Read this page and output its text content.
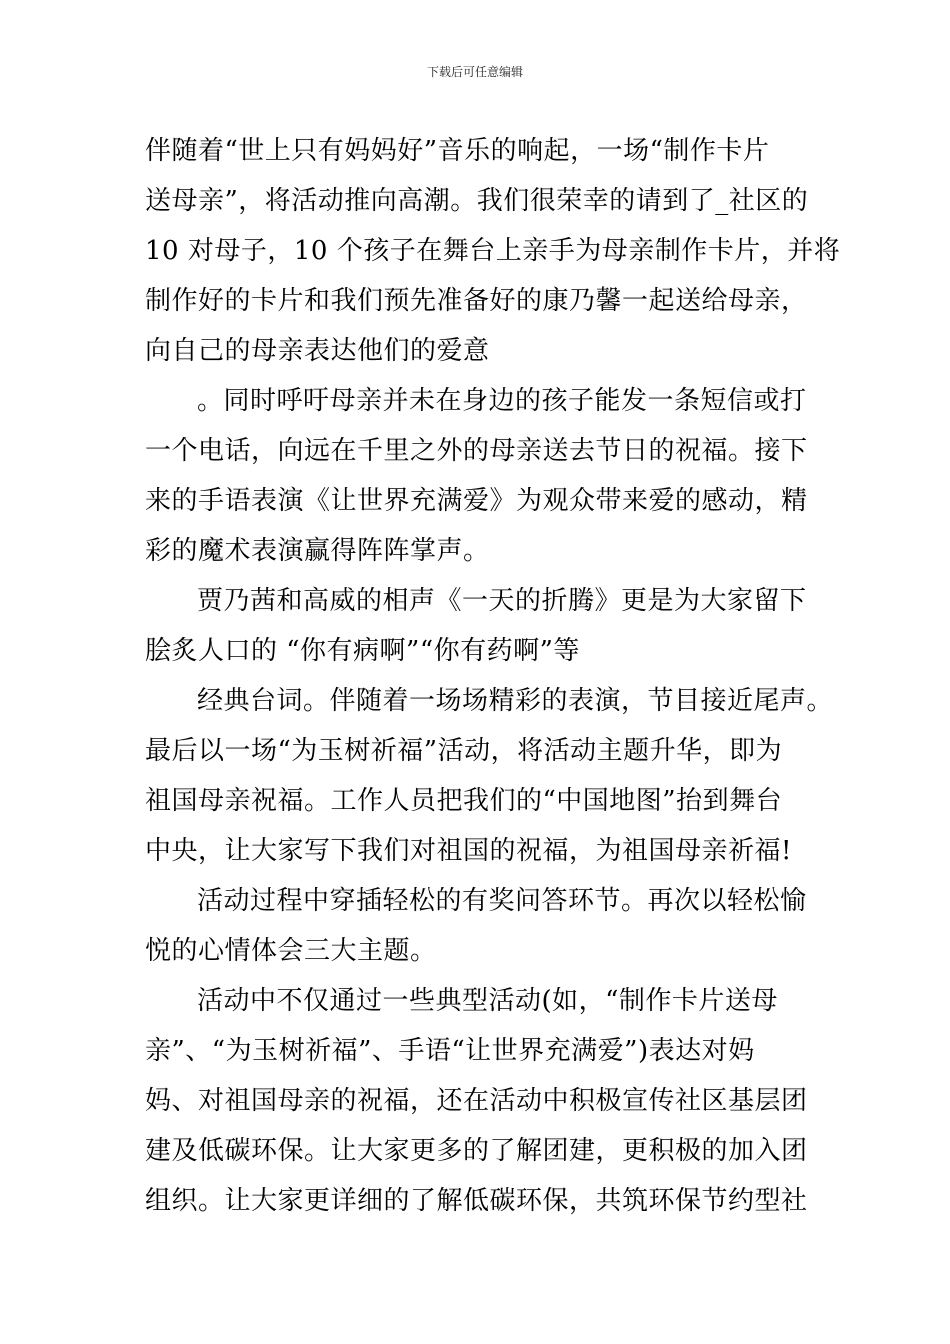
下载后可任意编辑
伴随着“世上只有妈妈好”音乐的响起，一场“制作卡片
送母亲”，将活动推向高潮。我们很荣幸的请到了_社区的
10 对母子，10 个孩子在舞台上亲手为母亲制作卡片，并将
制作好的卡片和我们预先准备好的康乃馨一起送给母亲，
向自己的母亲表达他们的爱意
。同时呼吁母亲并未在身边的孩子能发一条短信或打
一个电话，向远在千里之外的母亲送去节日的祝福。接下
来的手语表演《让世界充满爱》为观众带来爱的感动，精
彩的魔术表演赢得阵阵掌声。
贾乃茜和高威的相声《一天的折腾》更是为大家留下
脍炙人口的 “你有病啊”“你有药啊”等
经典台词。伴随着一场场精彩的表演，节目接近尾声。
最后以一场“为玉树祈福”活动，将活动主题升华，即为
祖国母亲祝福。工作人员把我们的“中国地图”抬到舞台
中央，让大家写下我们对祖国的祝福，为祖国母亲祈福!
活动过程中穿插轻松的有奖问答环节。再次以轻松愉
悦的心情体会三大主题。
活动中不仅通过一些典型活动(如，“制作卡片送母
亲”、“为玉树祈福”、手语“让世界充满爱”)表达对妈
妈、对祖国母亲的祝福，还在活动中积极宣传社区基层团
建及低碳环保。让大家更多的了解团建，更积极的加入团
组织。让大家更详细的了解低碳环保，共筑环保节约型社
